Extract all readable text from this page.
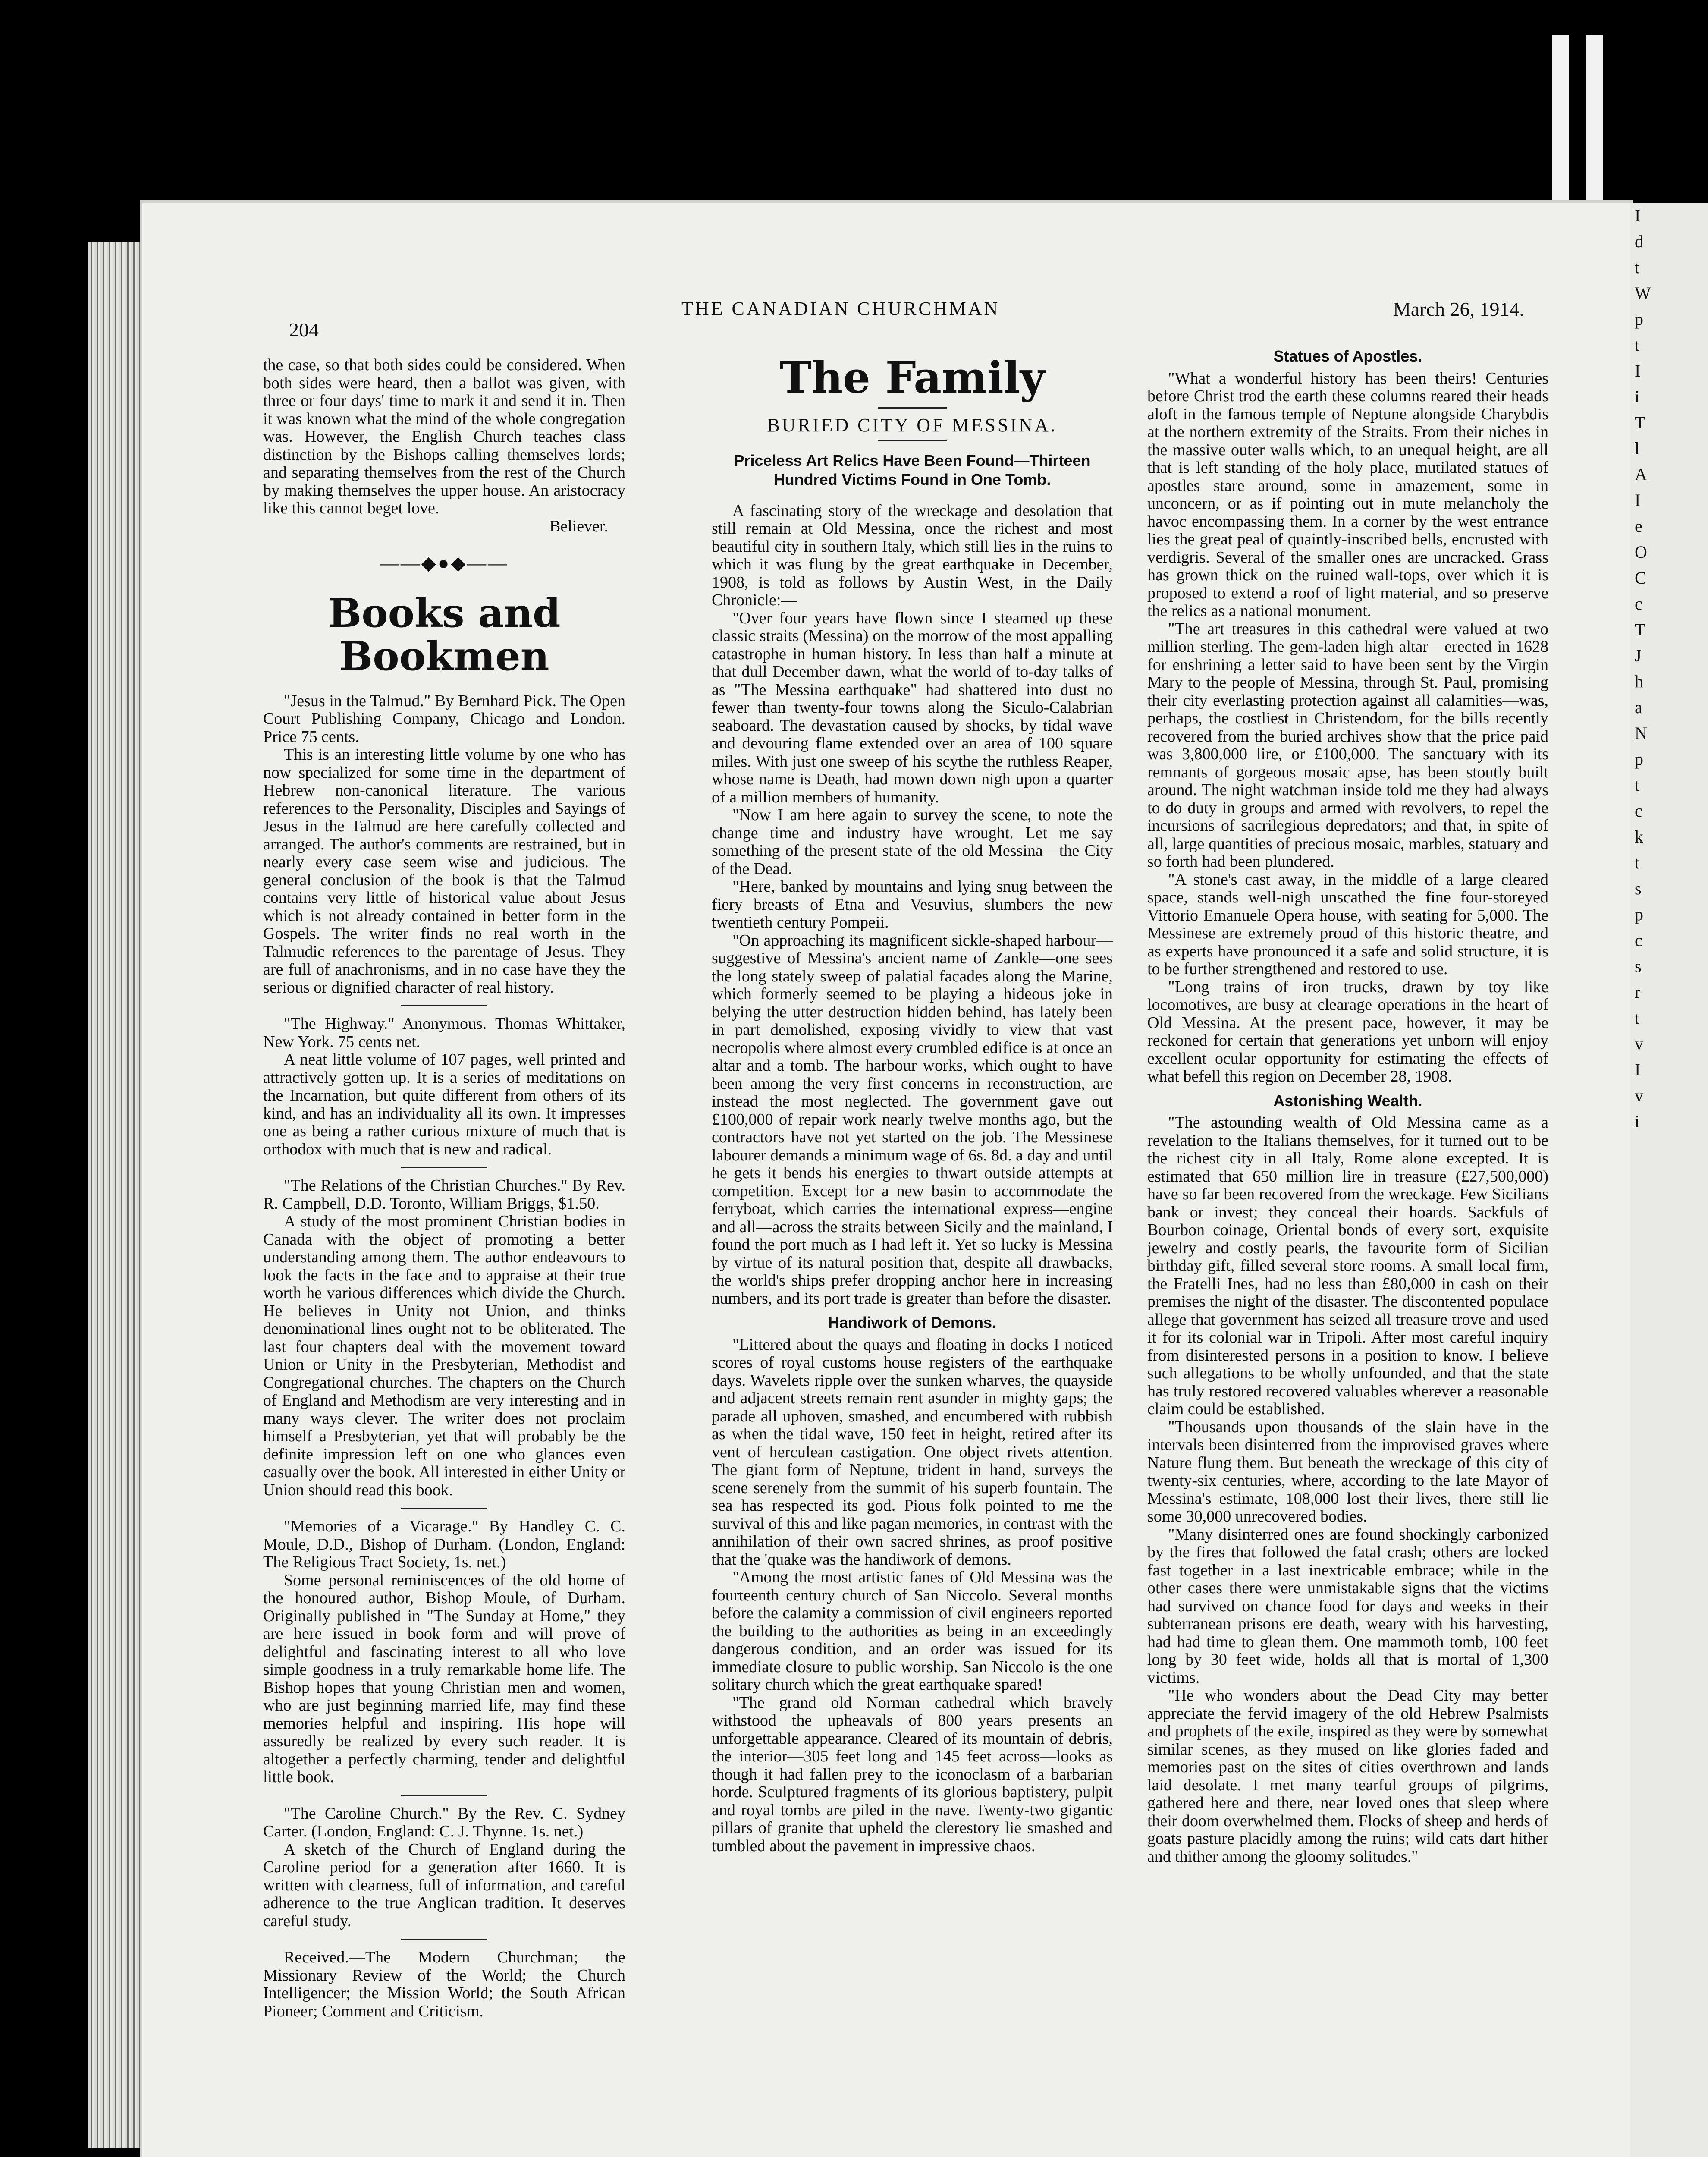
I
d
t
W
p
t
I
i
T
l
A
I
e
O
C
c
T
J
h
a
N
p
t
c
k
t
s
p
c
s
r
t
v
I
v
i
204
THE CANADIAN CHURCHMAN	March 26, 1914.

the case, so that both sides could be considered. When both sides were heard, then a ballot was given, with three or four days' time to mark it and send it in. Then it was known what the mind of the whole congregation was. However, the English Church teaches class distinction by the Bishops calling themselves lords; and separating themselves from the rest of the Church by making themselves the upper house. An aristocracy like this cannot beget love.

Believer.
——◆●◆——
Books and Bookmen

"Jesus in the Talmud." By Bernhard Pick. The Open Court Publishing Company, Chicago and London. Price 75 cents.

This is an interesting little volume by one who has now specialized for some time in the department of Hebrew non-canonical literature. The various references to the Personality, Disciples and Sayings of Jesus in the Talmud are here carefully collected and arranged. The author's comments are restrained, but in nearly every case seem wise and judicious. The general conclusion of the book is that the Talmud contains very little of historical value about Jesus which is not already contained in better form in the Gospels. The writer finds no real worth in the Talmudic references to the parentage of Jesus. They are full of anachronisms, and in no case have they the serious or dignified character of real history.

"The Highway." Anonymous. Thomas Whittaker, New York. 75 cents net.

A neat little volume of 107 pages, well printed and attractively gotten up. It is a series of meditations on the Incarnation, but quite different from others of its kind, and has an individuality all its own. It impresses one as being a rather curious mixture of much that is orthodox with much that is new and radical.

"The Relations of the Christian Churches." By Rev. R. Campbell, D.D. Toronto, William Briggs, $1.50.

A study of the most prominent Christian bodies in Canada with the object of promoting a better understanding among them. The author endeavours to look the facts in the face and to appraise at their true worth he various differences which divide the Church. He believes in Unity not Union, and thinks denominational lines ought not to be obliterated. The last four chapters deal with the movement toward Union or Unity in the Presbyterian, Methodist and Congregational churches. The chapters on the Church of England and Methodism are very interesting and in many ways clever. The writer does not proclaim himself a Presbyterian, yet that will probably be the definite impression left on one who glances even casually over the book. All interested in either Unity or Union should read this book.

"Memories of a Vicarage." By Handley C. C. Moule, D.D., Bishop of Durham. (London, England: The Religious Tract Society, 1s. net.)

Some personal reminiscences of the old home of the honoured author, Bishop Moule, of Durham. Originally published in "The Sunday at Home," they are here issued in book form and will prove of delightful and fascinating interest to all who love simple goodness in a truly remarkable home life. The Bishop hopes that young Christian men and women, who are just beginning married life, may find these memories helpful and inspiring. His hope will assuredly be realized by every such reader. It is altogether a perfectly charming, tender and delightful little book.

"The Caroline Church." By the Rev. C. Sydney Carter. (London, England: C. J. Thynne. 1s. net.)

A sketch of the Church of England during the Caroline period for a generation after 1660. It is written with clearness, full of information, and careful adherence to the true Anglican tradition. It deserves careful study.

Received.—The Modern Churchman; the Missionary Review of the World; the Church Intelligencer; the Mission World; the South African Pioneer; Comment and Criticism.

The Family
BURIED CITY OF MESSINA.
Priceless Art Relics Have Been Found—Thirteen Hundred Victims Found in One Tomb.

A fascinating story of the wreckage and desolation that still remain at Old Messina, once the richest and most beautiful city in southern Italy, which still lies in the ruins to which it was flung by the great earthquake in December, 1908, is told as follows by Austin West, in the Daily Chronicle:—

"Over four years have flown since I steamed up these classic straits (Messina) on the morrow of the most appalling catastrophe in human history. In less than half a minute at that dull December dawn, what the world of to-day talks of as "The Messina earthquake" had shattered into dust no fewer than twenty-four towns along the Siculo-Calabrian seaboard. The devastation caused by shocks, by tidal wave and devouring flame extended over an area of 100 square miles. With just one sweep of his scythe the ruthless Reaper, whose name is Death, had mown down nigh upon a quarter of a million members of humanity.

"Now I am here again to survey the scene, to note the change time and industry have wrought. Let me say something of the present state of the old Messina—the City of the Dead.

"Here, banked by mountains and lying snug between the fiery breasts of Etna and Vesuvius, slumbers the new twentieth century Pompeii.

"On approaching its magnificent sickle-shaped harbour—suggestive of Messina's ancient name of Zankle—one sees the long stately sweep of palatial facades along the Marine, which formerly seemed to be playing a hideous joke in belying the utter destruction hidden behind, has lately been in part demolished, exposing vividly to view that vast necropolis where almost every crumbled edifice is at once an altar and a tomb. The harbour works, which ought to have been among the very first concerns in reconstruction, are instead the most neglected. The government gave out £100,000 of repair work nearly twelve months ago, but the contractors have not yet started on the job. The Messinese labourer demands a minimum wage of 6s. 8d. a day and until he gets it bends his energies to thwart outside attempts at competition. Except for a new basin to accommodate the ferryboat, which carries the international express—engine and all—across the straits between Sicily and the mainland, I found the port much as I had left it. Yet so lucky is Messina by virtue of its natural position that, despite all drawbacks, the world's ships prefer dropping anchor here in increasing numbers, and its port trade is greater than before the disaster.

Handiwork of Demons.

"Littered about the quays and floating in docks I noticed scores of royal customs house registers of the earthquake days. Wavelets ripple over the sunken wharves, the quayside and adjacent streets remain rent asunder in mighty gaps; the parade all uphoven, smashed, and encumbered with rubbish as when the tidal wave, 150 feet in height, retired after its vent of herculean castigation. One object rivets attention. The giant form of Neptune, trident in hand, surveys the scene serenely from the summit of his superb fountain. The sea has respected its god. Pious folk pointed to me the survival of this and like pagan memories, in contrast with the annihilation of their own sacred shrines, as proof positive that the 'quake was the handiwork of demons.

"Among the most artistic fanes of Old Messina was the fourteenth century church of San Niccolo. Several months before the calamity a commission of civil engineers reported the building to the authorities as being in an exceedingly dangerous condition, and an order was issued for its immediate closure to public worship. San Niccolo is the one solitary church which the great earthquake spared!

"The grand old Norman cathedral which bravely withstood the upheavals of 800 years presents an unforgettable appearance. Cleared of its mountain of debris, the interior—305 feet long and 145 feet across—looks as though it had fallen prey to the iconoclasm of a barbarian horde. Sculptured fragments of its glorious baptistery, pulpit and royal tombs are piled in the nave. Twenty-two gigantic pillars of granite that upheld the clerestory lie smashed and tumbled about the pavement in impressive chaos.

Statues of Apostles.

"What a wonderful history has been theirs! Centuries before Christ trod the earth these columns reared their heads aloft in the famous temple of Neptune alongside Charybdis at the northern extremity of the Straits. From their niches in the massive outer walls which, to an unequal height, are all that is left standing of the holy place, mutilated statues of apostles stare around, some in amazement, some in unconcern, or as if pointing out in mute melancholy the havoc encompassing them. In a corner by the west entrance lies the great peal of quaintly-inscribed bells, encrusted with verdigris. Several of the smaller ones are uncracked. Grass has grown thick on the ruined wall-tops, over which it is proposed to extend a roof of light material, and so preserve the relics as a national monument.

"The art treasures in this cathedral were valued at two million sterling. The gem-laden high altar—erected in 1628 for enshrining a letter said to have been sent by the Virgin Mary to the people of Messina, through St. Paul, promising their city everlasting protection against all calamities—was, perhaps, the costliest in Christendom, for the bills recently recovered from the buried archives show that the price paid was 3,800,000 lire, or £100,000. The sanctuary with its remnants of gorgeous mosaic apse, has been stoutly built around. The night watchman inside told me they had always to do duty in groups and armed with revolvers, to repel the incursions of sacrilegious depredators; and that, in spite of all, large quantities of precious mosaic, marbles, statuary and so forth had been plundered.

"A stone's cast away, in the middle of a large cleared space, stands well-nigh unscathed the fine four-storeyed Vittorio Emanuele Opera house, with seating for 5,000. The Messinese are extremely proud of this historic theatre, and as experts have pronounced it a safe and solid structure, it is to be further strengthened and restored to use.

"Long trains of iron trucks, drawn by toy like locomotives, are busy at clearage operations in the heart of Old Messina. At the present pace, however, it may be reckoned for certain that generations yet unborn will enjoy excellent ocular opportunity for estimating the effects of what befell this region on December 28, 1908.

Astonishing Wealth.

"The astounding wealth of Old Messina came as a revelation to the Italians themselves, for it turned out to be the richest city in all Italy, Rome alone excepted. It is estimated that 650 million lire in treasure (£27,500,000) have so far been recovered from the wreckage. Few Sicilians bank or invest; they conceal their hoards. Sackfuls of Bourbon coinage, Oriental bonds of every sort, exquisite jewelry and costly pearls, the favourite form of Sicilian birthday gift, filled several store rooms. A small local firm, the Fratelli Ines, had no less than £80,000 in cash on their premises the night of the disaster. The discontented populace allege that government has seized all treasure trove and used it for its colonial war in Tripoli. After most careful inquiry from disinterested persons in a position to know. I believe such allegations to be wholly unfounded, and that the state has truly restored recovered valuables wherever a reasonable claim could be established.

"Thousands upon thousands of the slain have in the intervals been disinterred from the improvised graves where Nature flung them. But beneath the wreckage of this city of twenty-six centuries, where, according to the late Mayor of Messina's estimate, 108,000 lost their lives, there still lie some 30,000 unrecovered bodies.

"Many disinterred ones are found shockingly carbonized by the fires that followed the fatal crash; others are locked fast together in a last inextricable embrace; while in the other cases there were unmistakable signs that the victims had survived on chance food for days and weeks in their subterranean prisons ere death, weary with his harvesting, had had time to glean them. One mammoth tomb, 100 feet long by 30 feet wide, holds all that is mortal of 1,300 victims.

"He who wonders about the Dead City may better appreciate the fervid imagery of the old Hebrew Psalmists and prophets of the exile, inspired as they were by somewhat similar scenes, as they mused on like glories faded and memories past on the sites of cities overthrown and lands laid desolate. I met many tearful groups of pilgrims, gathered here and there, near loved ones that sleep where their doom overwhelmed them. Flocks of sheep and herds of goats pasture placidly among the ruins; wild cats dart hither and thither among the gloomy solitudes."
